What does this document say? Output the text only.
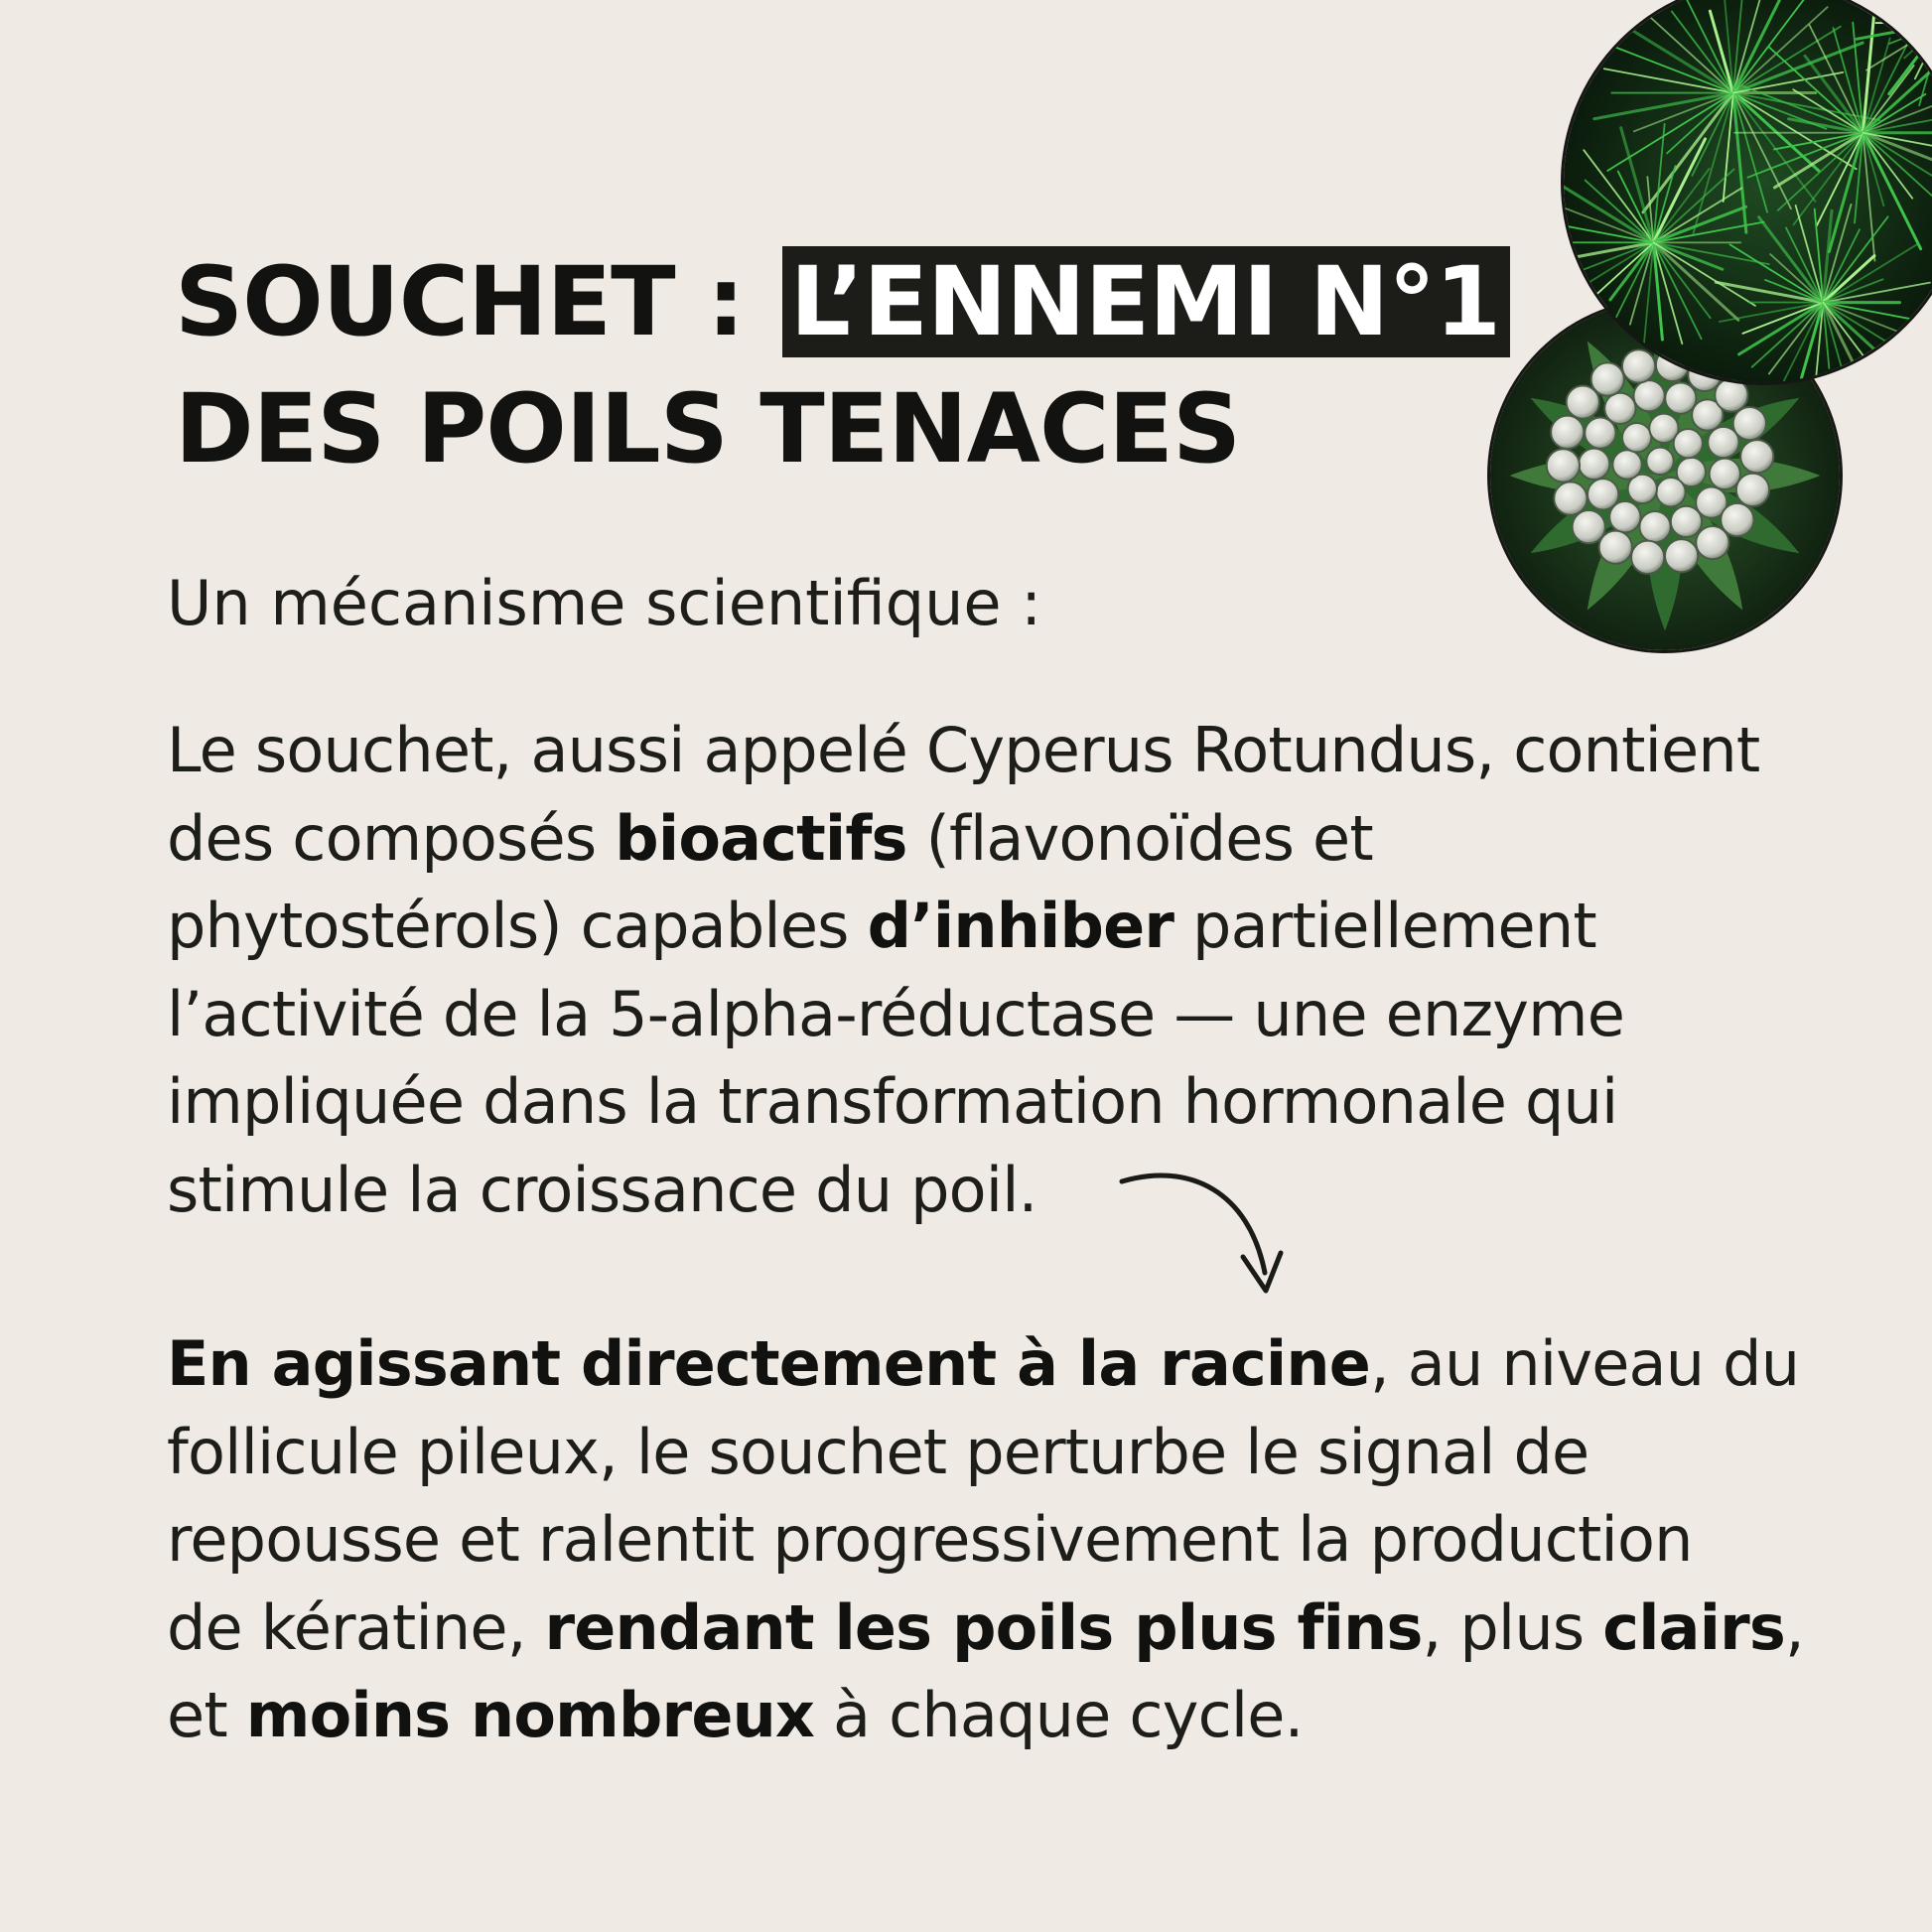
SOUCHET : L’ENNEMI N°1
DES POILS TENACES

Un mécanisme scientifique :

Le souchet, aussi appelé Cyperus Rotundus, contient
des composés bioactifs (flavonoïdes et
phytostérols) capables d’inhiber partiellement
l’activité de la 5-alpha-réductase — une enzyme
impliquée dans la transformation hormonale qui
stimule la croissance du poil.

En agissant directement à la racine, au niveau du
follicule pileux, le souchet perturbe le signal de
repousse et ralentit progressivement la production
de kératine, rendant les poils plus fins, plus clairs,
et moins nombreux à chaque cycle.
